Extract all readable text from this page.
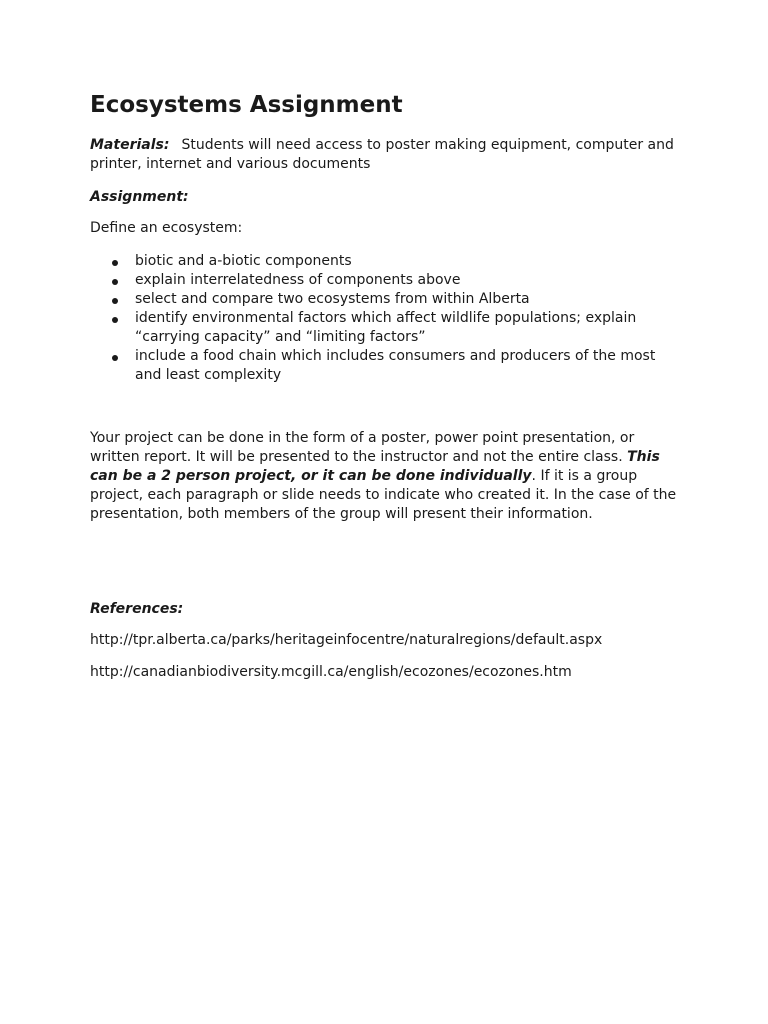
Ecosystems Assignment

Materials: Students will need access to poster making equipment, computer and printer, internet and various documents

Assignment:

Define an ecosystem:

biotic and a-biotic components
explain interrelatedness of components above
select and compare two ecosystems from within Alberta
identify environmental factors which affect wildlife populations; explain “carrying capacity” and “limiting factors”
include a food chain which includes consumers and producers of the most and least complexity

Your project can be done in the form of a poster, power point presentation, or written report. It will be presented to the instructor and not the entire class. This can be a 2 person project, or it can be done individually. If it is a group project, each paragraph or slide needs to indicate who created it. In the case of the presentation, both members of the group will present their information.

References:

http://tpr.alberta.ca/parks/heritageinfocentre/naturalregions/default.aspx

http://canadianbiodiversity.mcgill.ca/english/ecozones/ecozones.htm
